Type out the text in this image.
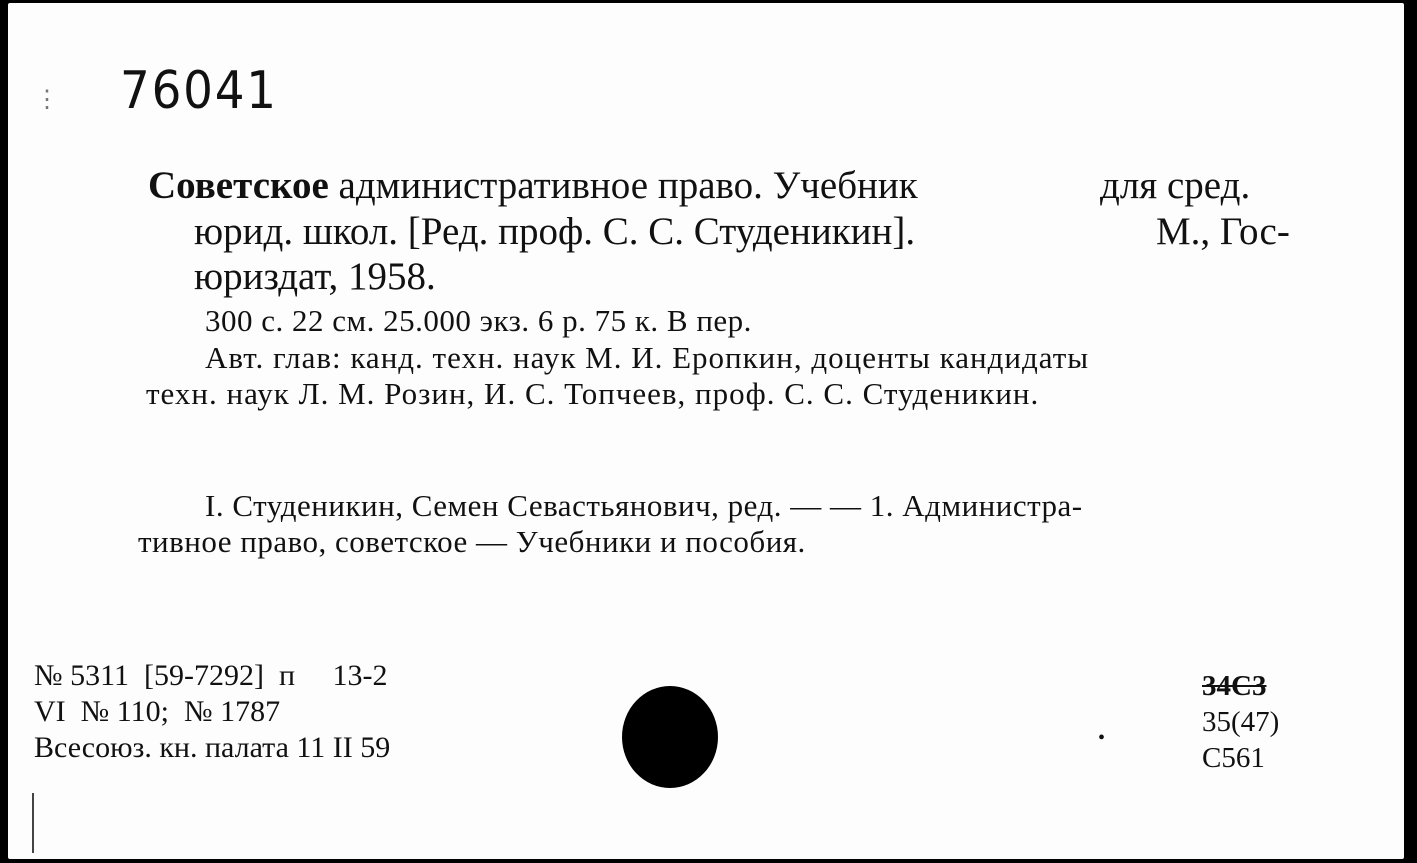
⋮ 76041
Советское административное право. Учебник	для сред.
юрид. школ. [Ред. проф. С. С. Студеникин].	М., Гос-
юриздат, 1958.
300 с. 22 см. 25.000 экз. 6 р. 75 к. В пер.
Авт. глав: канд. техн. наук М. И. Еропкин, доценты кандидаты
техн. наук Л. М. Розин, И. С. Топчеев, проф. С. С. Студеникин.
I. Студеникин, Семен Севастьянович, ред. — — 1. Администра-
тивное право, советское — Учебники и пособия.
№ 5311  [59-7292]  п     13-2
VI  № 110;  № 1787
Всесоюз. кн. палата 11 II 59	•
34С3
35(47)
С561
